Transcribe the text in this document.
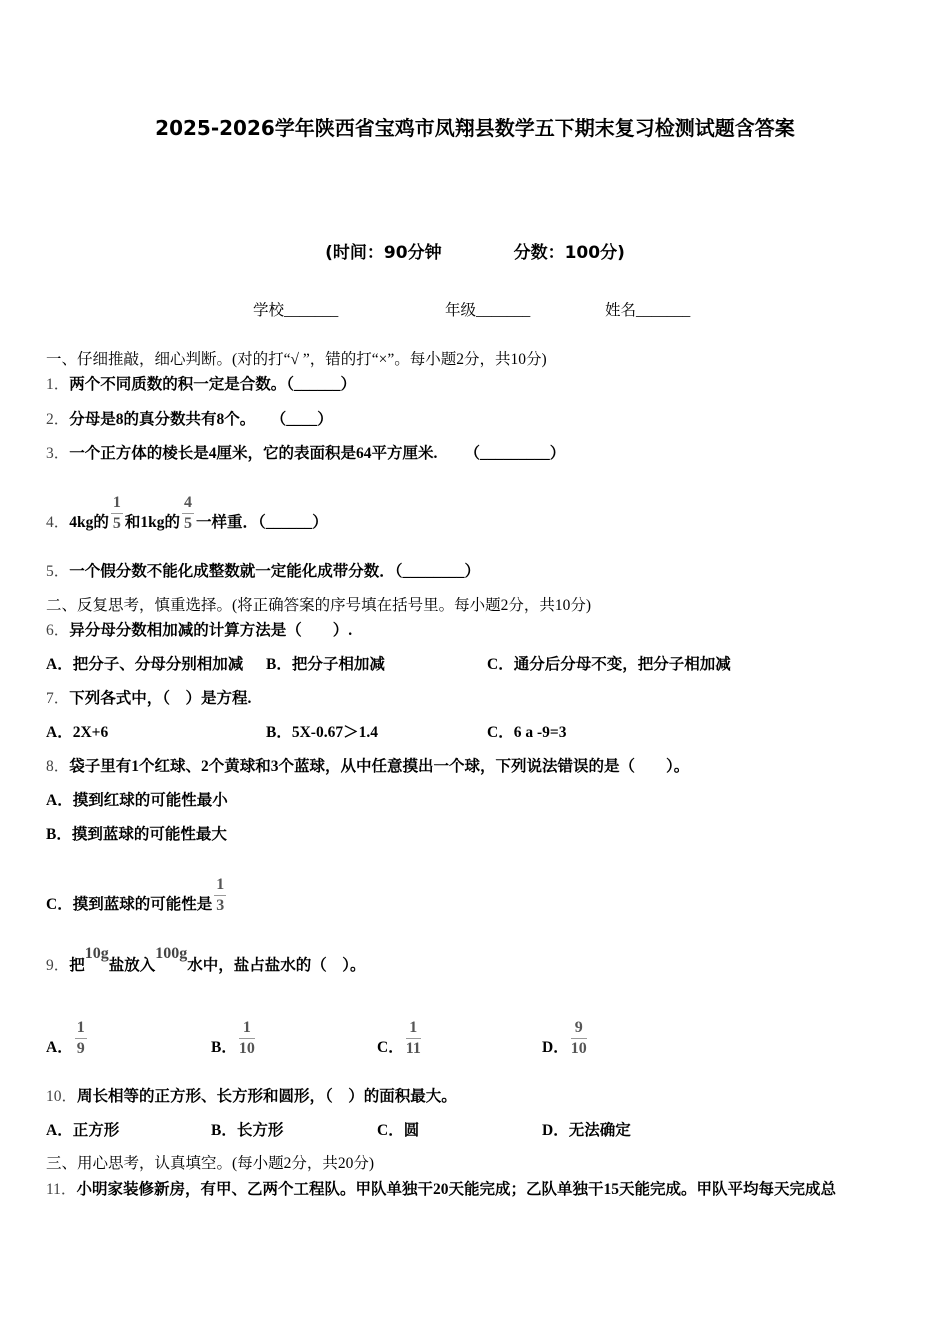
2025-2026学年陕西省宝鸡市凤翔县数学五下期末复习检测试题含答案
(时间：90分钟	分数：100分)
学校_______	年级_______	姓名_______
一、仔细推敲，细心判断。(对的打“√ ”，错的打“×”。每小题2分，共10分)
1．两个不同质数的积一定是合数。（______）
2．分母是8的真分数共有8个。    （____）
3．一个正方体的棱长是4厘米，它的表面积是64平方厘米.       （_________）
4．4kg的 $\frac{1}{5}$ 和1kg的 $\frac{4}{5}$ 一样重．（______）
5．一个假分数不能化成整数就一定能化成带分数．（________）
二、反复思考，慎重选择。(将正确答案的序号填在括号里。每小题2分，共10分)
6．异分母分数相加减的计算方法是（　　）.
A．把分子、分母分别相加减 B．把分子相加减	C．通分后分母不变，把分子相加减
7．下列各式中，（　）是方程.
A．2X+6	B．5X-0.67＞1.4	C．6 a -9=3
8．袋子里有1个红球、2个黄球和3个蓝球，从中任意摸出一个球，下列说法错误的是（　　）。
A．摸到红球的可能性最小
B．摸到蓝球的可能性最大
C．摸到蓝球的可能性是 $\frac{1}{3}$
9．把10g盐放入100g水中，盐占盐水的（　）。
A． $\frac{1}{9}$	B． $\frac{1}{10}$	C． $\frac{1}{11}$	D． $\frac{9}{10}$
10．周长相等的正方形、长方形和圆形，（　）的面积最大。
A．正方形	B．长方形	C．圆	D．无法确定
三、用心思考，认真填空。(每小题2分，共20分)
11．小明家装修新房，有甲、乙两个工程队。甲队单独干20天能完成；乙队单独干15天能完成。甲队平均每天完成总
